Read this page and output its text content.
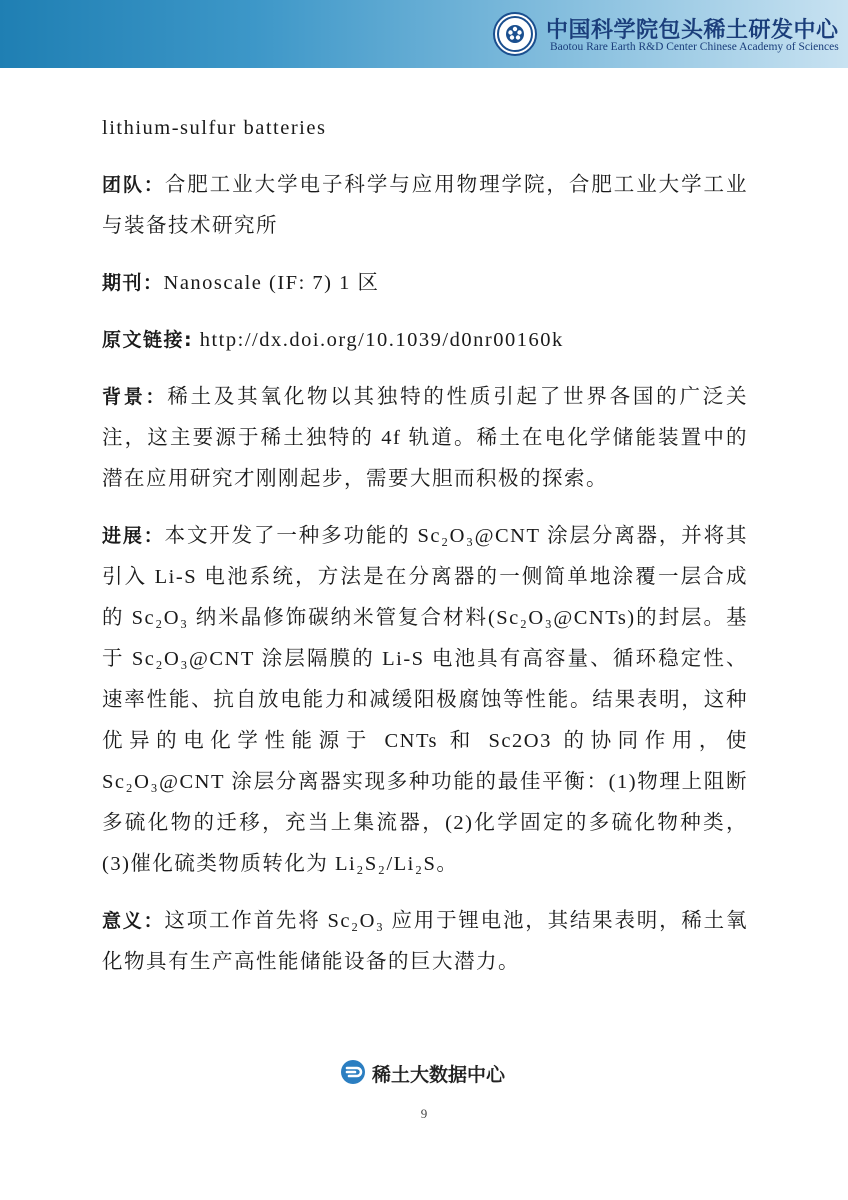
中国科学院包头稀土研发中心
Baotou Rare Earth R&D Center Chinese Academy of Sciences

lithium-sulfur batteries

团队：合肥工业大学电子科学与应用物理学院，合肥工业大学工业与装备技术研究所

期刊：Nanoscale (IF: 7) 1 区

原文链接: http://dx.doi.org/10.1039/d0nr00160k

背景：稀土及其氧化物以其独特的性质引起了世界各国的广泛关注，这主要源于稀土独特的 4f 轨道。稀土在电化学储能装置中的潜在应用研究才刚刚起步，需要大胆而积极的探索。

进展：本文开发了一种多功能的 Sc₂O₃@CNT 涂层分离器，并将其引入 Li-S 电池系统，方法是在分离器的一侧简单地涂覆一层合成的 Sc₂O₃ 纳米晶修饰碳纳米管复合材料(Sc₂O₃@CNTs)的封层。基于 Sc₂O₃@CNT 涂层隔膜的 Li-S 电池具有高容量、循环稳定性、速率性能、抗自放电能力和减缓阳极腐蚀等性能。结果表明，这种优异的电化学性能源于 CNTs 和 Sc2O3 的协同作用，使 Sc₂O₃@CNT 涂层分离器实现多种功能的最佳平衡：(1)物理上阻断多硫化物的迁移，充当上集流器，(2)化学固定的多硫化物种类，(3)催化硫类物质转化为 Li₂S₂/Li₂S。

意义：这项工作首先将 Sc₂O₃ 应用于锂电池，其结果表明，稀土氧化物具有生产高性能储能设备的巨大潜力。

稀土大数据中心
9
